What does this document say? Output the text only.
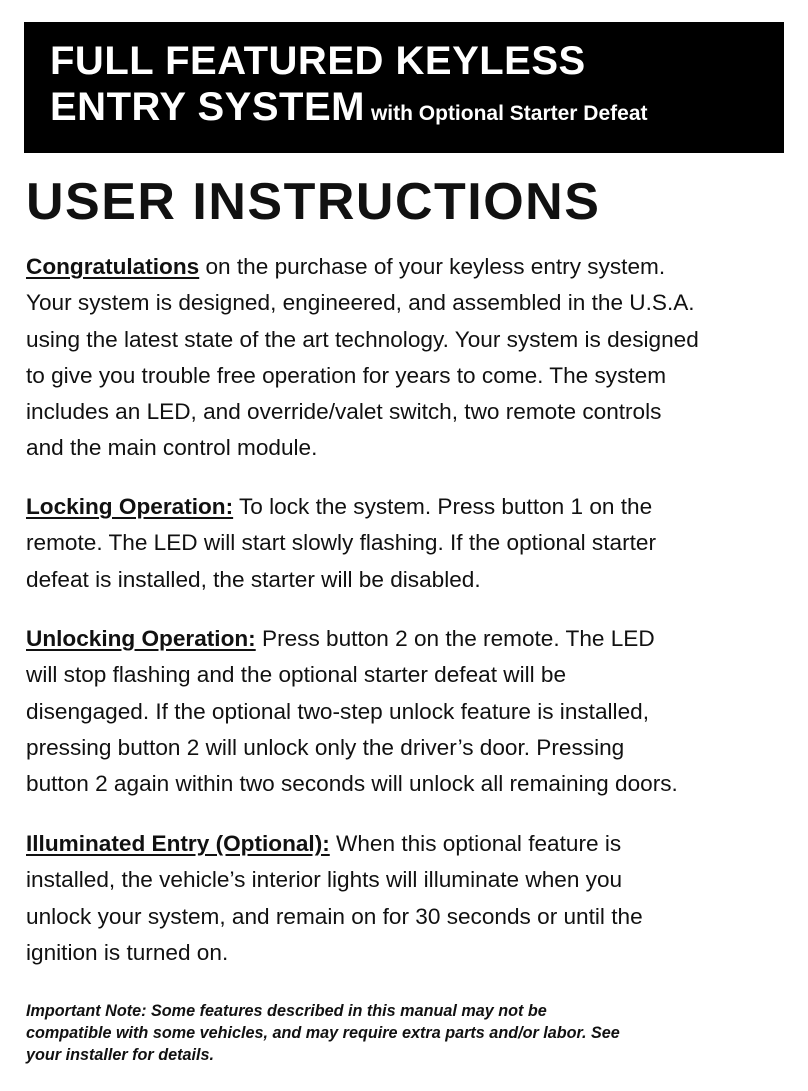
FULL FEATURED KEYLESS
ENTRY SYSTEM with Optional Starter Defeat
USER INSTRUCTIONS

Congratulations on the purchase of your keyless entry system.
Your system is designed, engineered, and assembled in the U.S.A.
using the latest state of the art technology. Your system is designed
to give you trouble free operation for years to come. The system
includes an LED, and override/valet switch, two remote controls
and the main control module.

Locking Operation: To lock the system. Press button 1 on the
remote. The LED will start slowly flashing. If the optional starter
defeat is installed, the starter will be disabled.

Unlocking Operation: Press button 2 on the remote. The LED
will stop flashing and the optional starter defeat will be
disengaged. If the optional two-step unlock feature is installed,
pressing button 2 will unlock only the driver’s door. Pressing
button 2 again within two seconds will unlock all remaining doors.

Illuminated Entry (Optional): When this optional feature is
installed, the vehicle’s interior lights will illuminate when you
unlock your system, and remain on for 30 seconds or until the
ignition is turned on.

Important Note: Some features described in this manual may not be
compatible with some vehicles, and may require extra parts and/or labor. See
your installer for details.
